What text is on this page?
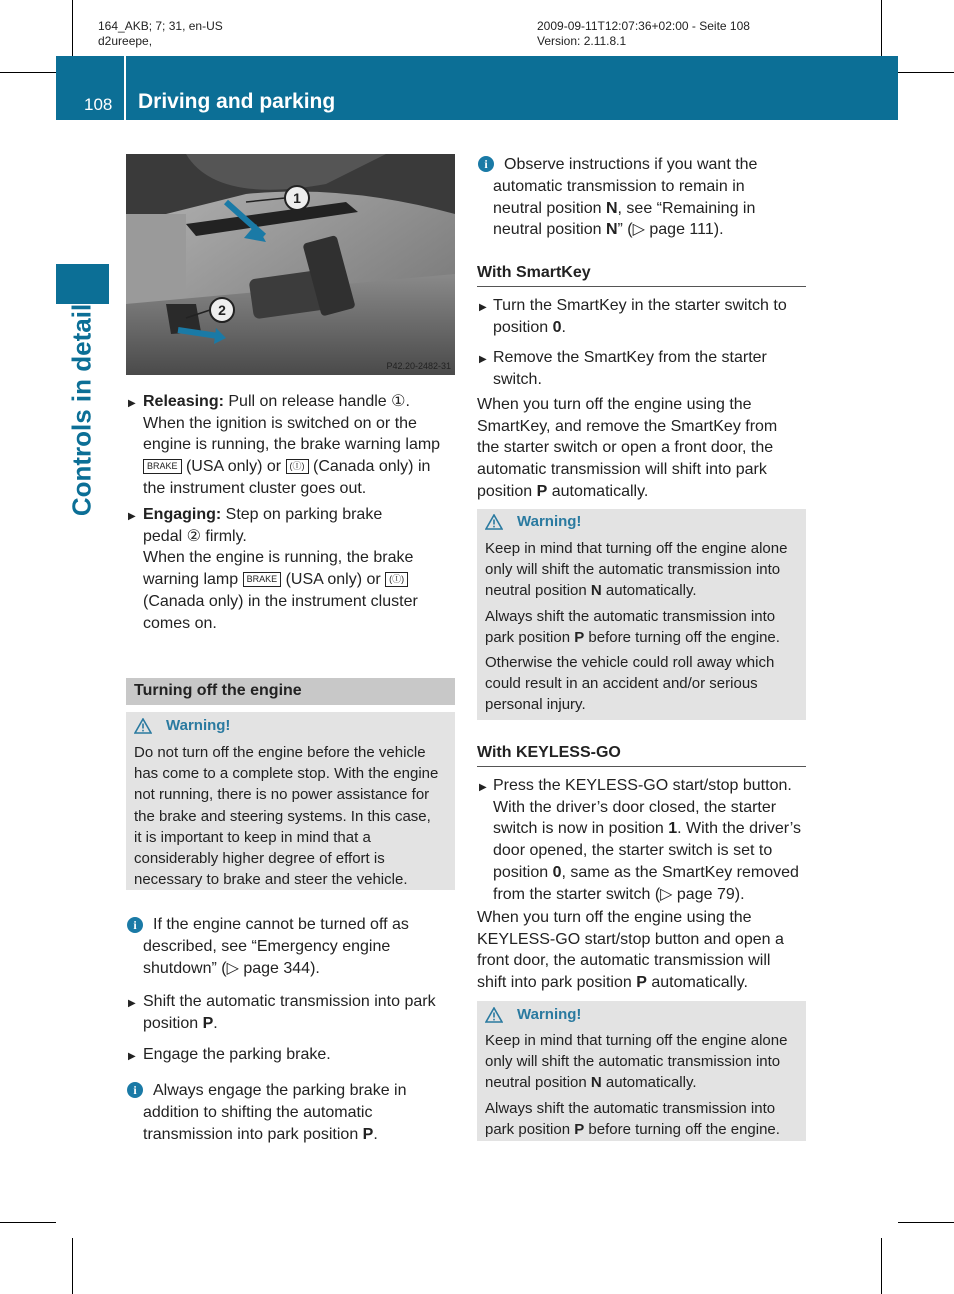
164_AKB; 7; 31, en-US
d2ureepe,
2009-09-11T12:07:36+02:00 - Seite 108
Version: 2.11.8.1
108 Driving and parking
Controls in detail
1
2
P42.20-2482-31
▶ Releasing: Pull on release handle ①.
When the ignition is switched on or the
engine is running, the brake warning lamp
BRAKE (USA only) or (Ⓘ) (Canada only) in
the instrument cluster goes out.
▶ Engaging: Step on parking brake
pedal ② firmly.
When the engine is running, the brake
warning lamp BRAKE (USA only) or (Ⓘ)
(Canada only) in the instrument cluster
comes on.
Turning off the engine
Warning!
Do not turn off the engine before the vehicle
has come to a complete stop. With the engine
not running, there is no power assistance for
the brake and steering systems. In this case,
it is important to keep in mind that a
considerably higher degree of effort is
necessary to brake and steer the vehicle.
i	If the engine cannot be turned off as
described, see “Emergency engine
shutdown” (▷ page 344).
▶ Shift the automatic transmission into park
position P.
▶ Engage the parking brake.
i	Always engage the parking brake in
addition to shifting the automatic
transmission into park position P.
i	Observe instructions if you want the
automatic transmission to remain in
neutral position N, see “Remaining in
neutral position N” (▷ page 111).
With SmartKey
▶ Turn the SmartKey in the starter switch to
position 0.
▶ Remove the SmartKey from the starter
switch.
When you turn off the engine using the
SmartKey, and remove the SmartKey from
the starter switch or open a front door, the
automatic transmission will shift into park
position P automatically.
Warning!
Keep in mind that turning off the engine alone
only will shift the automatic transmission into
neutral position N automatically.
Always shift the automatic transmission into
park position P before turning off the engine.
Otherwise the vehicle could roll away which
could result in an accident and/or serious
personal injury.
With KEYLESS-GO
▶ Press the KEYLESS-GO start/stop button.
With the driver’s door closed, the starter
switch is now in position 1. With the driver’s
door opened, the starter switch is set to
position 0, same as the SmartKey removed
from the starter switch (▷ page 79).
When you turn off the engine using the
KEYLESS-GO start/stop button and open a
front door, the automatic transmission will
shift into park position P automatically.
Warning!
Keep in mind that turning off the engine alone
only will shift the automatic transmission into
neutral position N automatically.
Always shift the automatic transmission into
park position P before turning off the engine.
